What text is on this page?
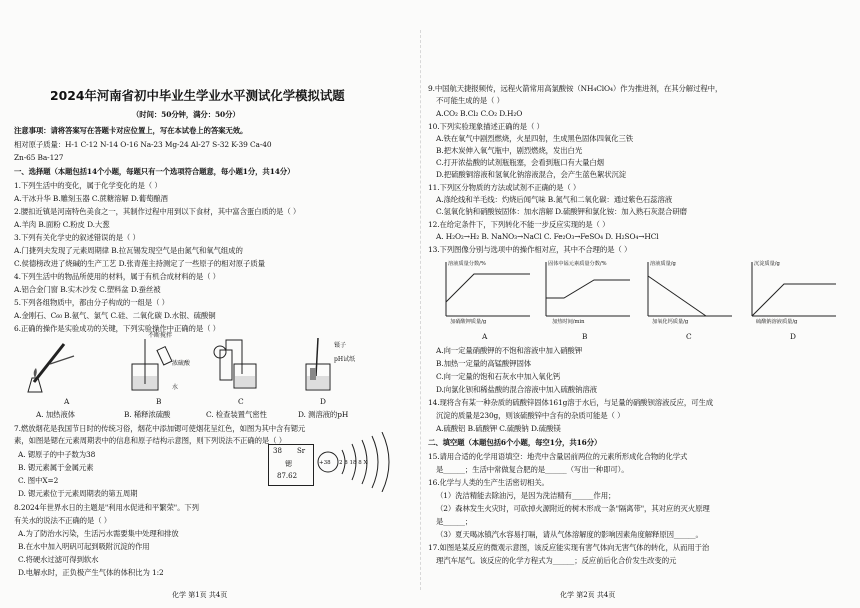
2024年河南省初中毕业生学业水平测试化学模拟试题
（时间：50分钟，满分：50分）
注意事项：请将答案写在答题卡对应位置上，写在本试卷上的答案无效。
相对原子质量：H-1 C-12 N-14 O-16 Na-23 Mg-24 Al-27 S-32 K-39 Ca-40
Zn-65 Ba-127
一、选择题（本题包括14个小题，每题只有一个选项符合题意，每小题1分，共14分）
1.下列生活中的变化，属于化学变化的是（ ）
A.干冰升华 B.雕刻玉器 C.蔗糖溶解 D.葡萄酿酒
2.腰扣近镇是河南特色美食之一，其制作过程中用到以下食材，其中富含蛋白质的是（ ）
A.羊肉 B.面粉 C.粉皮 D.大葱
3.下列有关化学史的叙述错误的是（ ）
A.门捷列夫发现了元素周期律 B.拉瓦锡发现空气是由氮气和氧气组成的
C.侯德榜改进了烧碱的生产工艺 D.张青莲主持测定了一些原子的相对原子质量
4.下列生活中的物品所使用的材料，属于有机合成材料的是（ ）
A.铝合金门窗 B.实木沙发 C.塑料盆 D.蚕丝被
5.下列各组物质中，都由分子构成的一组是（ ）
A.金刚石、C₆₀ B.氨气、氯气 C.硅、二氧化碳 D.水银、硫酸铜
6.正确的操作是实验成功的关键，下列实验操作中正确的是（ ）
不断搅拌
浓硫酸
水
镊子
pH试纸
A	B	C	D
A. 加热液体	B. 稀释浓硫酸	C. 检查装置气密性	D. 测溶液的pH
7.燃放烟花是我国节日时的传统习俗，烟花中添加锶可使烟花呈红色，如图为其中含有锶元
素，如图是锶在元素周期表中的信息和原子结构示意图，则下列说法不正确的是（ ）
A. 锶原子的中子数为38
B. 锶元素属于金属元素
C. 图中X=2
D. 锶元素位于元素周期表的第五周期
38 Sr
锶
87.62
+38 2 8 18 8 X
8.2024年世界水日的主题是"利用水促进和平繁荣"。下列
有关水的说法不正确的是（ ）
A.为了防治水污染，生活污水需要集中处理和排放
B.在水中加入明矾可起到吸附沉淀的作用
C.将硬水过滤可得到软水
D.电解水时，正负极产生气体的体积比为 1:2
化学 第1页 共4页
9.中国航天捷报频传，远程火箭常用高氯酸铵（NH₄ClO₄）作为推进剂，在其分解过程中，
不可能生成的是（ ）
A.CO₂ B.Cl₂ C.O₂ D.H₂O
10.下列实验现象描述正确的是（ ）
A.铁在氧气中剧烈燃烧，火星四射，生成黑色固体四氧化三铁
B.把木炭伸入氧气瓶中，剧烈燃烧，发出白光
C.打开浓盐酸的试剂瓶瓶塞，会看到瓶口有大量白烟
D.把硫酸铜溶液和氢氧化钠溶液混合，会产生蓝色絮状沉淀
11.下列区分物质的方法或试剂不正确的是（ ）
A.涤纶线和羊毛线：灼烧后闻气味 B.氮气和二氧化碳：通过紫色石蕊溶液
C.氢氧化钠和硝酸铵固体：加水溶解 D.硫酸钾和氯化铵：加入熟石灰混合研磨
12.在给定条件下，下列转化不能一步反应实现的是（ ）
A. H₂O₂→H₂ B. NaNO₃→NaCl C. Fe₂O₃→FeSO₄ D. H₂SO₄→HCl
13.下列图像分别与选项中的操作相对应，其中不合理的是（ ）
溶液质量分数/%	固体中锰元素质量分数/%	溶液质量/g	沉淀质量/g
加硝酸钾质量/g	加热时间/min	加氧化钙质量/g	硫酸钠溶液质量/g
A	B	C	D
A.向一定量硝酸钾的不饱和溶液中加入硝酸钾
B.加热一定量的高锰酸钾固体
C.向一定量的饱和石灰水中加入氧化钙
D.向氯化钡和稀盐酸的混合溶液中加入硫酸钠溶液
14.现将含有某一种杂质的硫酸锌固体161g溶于水后，与足量的硝酸钡溶液反应，可生成
沉淀的质量是230g，则该硫酸锌中含有的杂质可能是（ ）
A.硫酸铝 B.硫酸钾 C.硫酸钠 D.硫酸镁
二、填空题（本题包括6个小题，每空1分，共16分）
15.请用合适的化学用语填空：地壳中含量居前两位的元素所形成化合物的化学式
是______；生活中常做复合肥的是______（写出一种即可）。
16.化学与人类的生产生活密切相关。
（1）洗洁精能去除油污，是因为洗洁精有______作用；
（2）森林发生火灾时，可砍掉火源附近的树木形成一条"隔离带"，其对应的灭火原理
是______；
（3）夏天喝冰镇汽水容易打嗝，请从气体溶解度的影响因素角度解释原因______。
17.如图是某反应的微观示意图，该反应能实现有害气体向无害气体的转化，从而用于治
理汽车尾气。该反应的化学方程式为______；反应前后化合价发生改变的元
化学 第2页 共4页
